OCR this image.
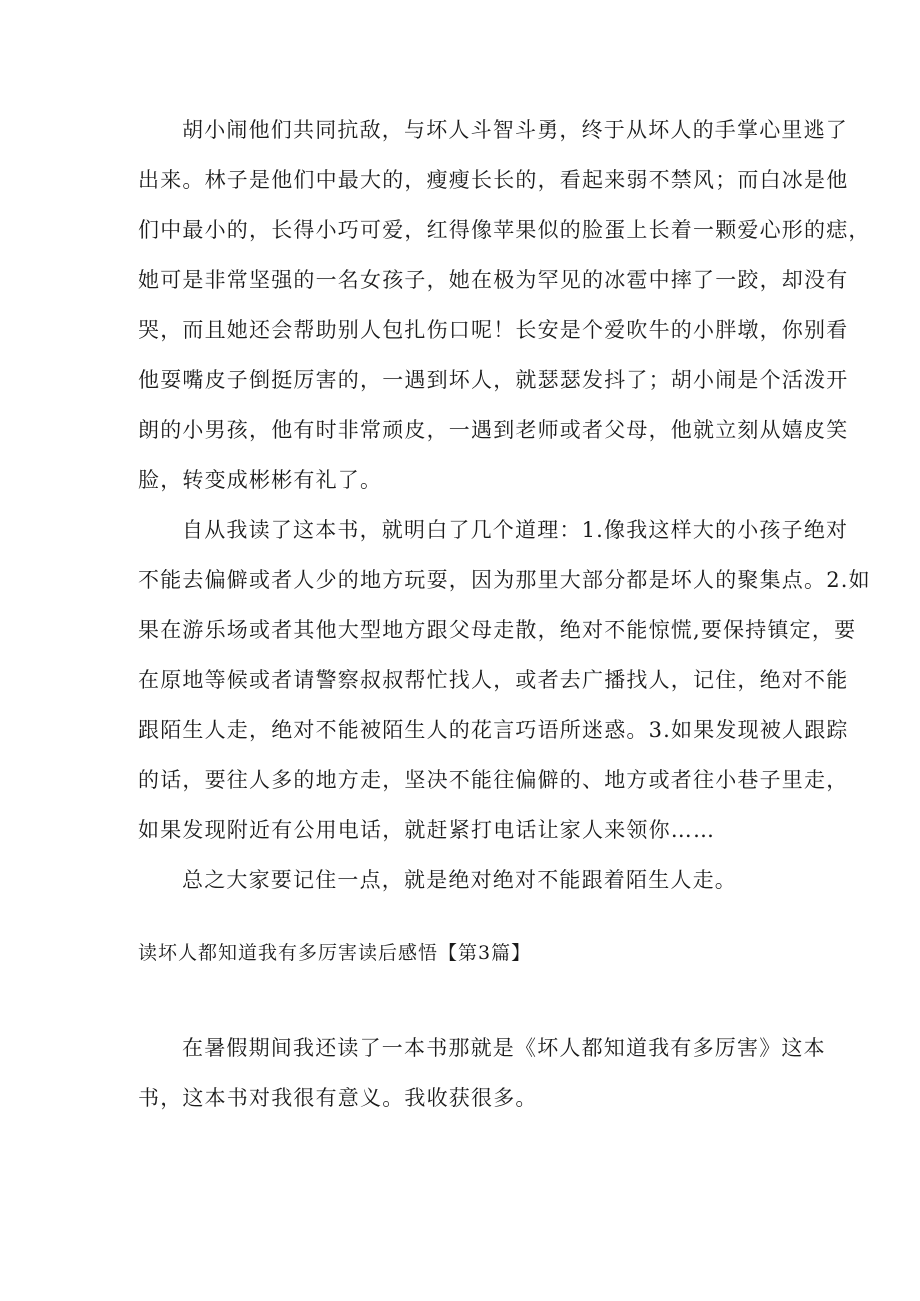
胡小闹他们共同抗敌，与坏人斗智斗勇，终于从坏人的手掌心里逃了
出来。林子是他们中最大的，瘦瘦长长的，看起来弱不禁风；而白冰是他
们中最小的，长得小巧可爱，红得像苹果似的脸蛋上长着一颗爱心形的痣，
她可是非常坚强的一名女孩子，她在极为罕见的冰雹中摔了一跤，却没有
哭，而且她还会帮助别人包扎伤口呢！长安是个爱吹牛的小胖墩，你别看
他耍嘴皮子倒挺厉害的，一遇到坏人，就瑟瑟发抖了；胡小闹是个活泼开
朗的小男孩，他有时非常顽皮，一遇到老师或者父母，他就立刻从嬉皮笑
脸，转变成彬彬有礼了。
自从我读了这本书，就明白了几个道理：1.像我这样大的小孩子绝对
不能去偏僻或者人少的地方玩耍，因为那里大部分都是坏人的聚集点。2.如
果在游乐场或者其他大型地方跟父母走散，绝对不能惊慌,要保持镇定，要
在原地等候或者请警察叔叔帮忙找人，或者去广播找人，记住，绝对不能
跟陌生人走，绝对不能被陌生人的花言巧语所迷惑。3.如果发现被人跟踪
的话，要往人多的地方走，坚决不能往偏僻的、地方或者往小巷子里走，
如果发现附近有公用电话，就赶紧打电话让家人来领你……
总之大家要记住一点，就是绝对绝对不能跟着陌生人走。
读坏人都知道我有多厉害读后感悟【第3篇】
在暑假期间我还读了一本书那就是《坏人都知道我有多厉害》这本
书，这本书对我很有意义。我收获很多。
